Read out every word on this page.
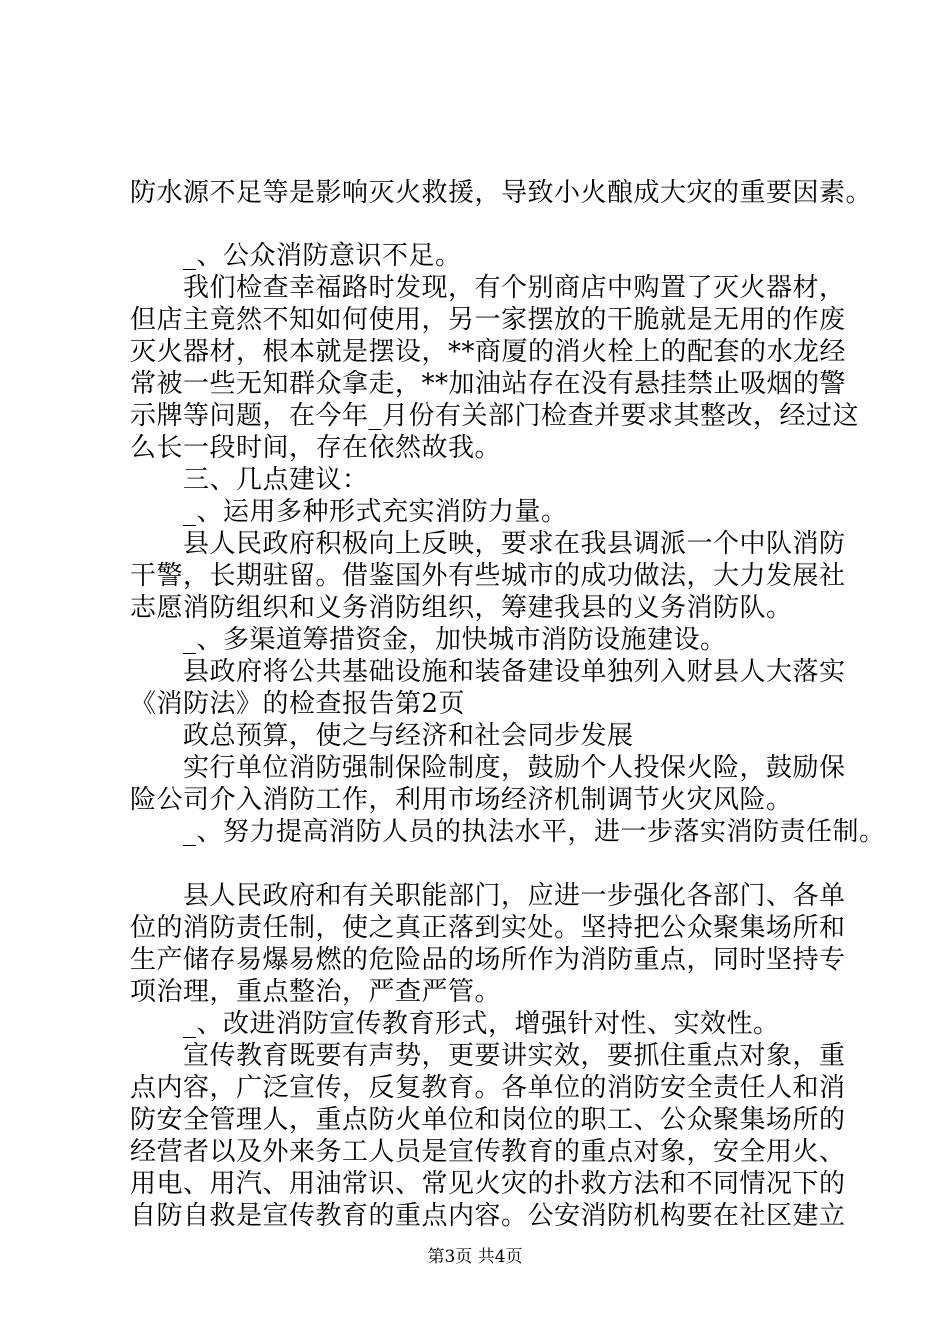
防水源不足等是影响灭火救援，导致小火酿成大灾的重要因素。
_、公众消防意识不足。
我们检查幸福路时发现，有个别商店中购置了灭火器材，
但店主竟然不知如何使用，另一家摆放的干脆就是无用的作废
灭火器材，根本就是摆设，**商厦的消火栓上的配套的水龙经
常被一些无知群众拿走，**加油站存在没有悬挂禁止吸烟的警
示牌等问题，在今年_月份有关部门检查并要求其整改，经过这
么长一段时间，存在依然故我。
三、几点建议：
_、运用多种形式充实消防力量。
县人民政府积极向上反映，要求在我县调派一个中队消防
干警，长期驻留。借鉴国外有些城市的成功做法，大力发展社
志愿消防组织和义务消防组织，筹建我县的义务消防队。
_、多渠道筹措资金，加快城市消防设施建设。
县政府将公共基础设施和装备建设单独列入财县人大落实
《消防法》的检查报告第2页
政总预算，使之与经济和社会同步发展
实行单位消防强制保险制度，鼓励个人投保火险，鼓励保
险公司介入消防工作，利用市场经济机制调节火灾风险。
_、努力提高消防人员的执法水平，进一步落实消防责任制。
县人民政府和有关职能部门，应进一步强化各部门、各单
位的消防责任制，使之真正落到实处。坚持把公众聚集场所和
生产储存易爆易燃的危险品的场所作为消防重点，同时坚持专
项治理，重点整治，严查严管。
_、改进消防宣传教育形式，增强针对性、实效性。
宣传教育既要有声势，更要讲实效，要抓住重点对象，重
点内容，广泛宣传，反复教育。各单位的消防安全责任人和消
防安全管理人，重点防火单位和岗位的职工、公众聚集场所的
经营者以及外来务工人员是宣传教育的重点对象，安全用火、
用电、用汽、用油常识、常见火灾的扑救方法和不同情况下的
自防自救是宣传教育的重点内容。公安消防机构要在社区建立
第3页 共4页
